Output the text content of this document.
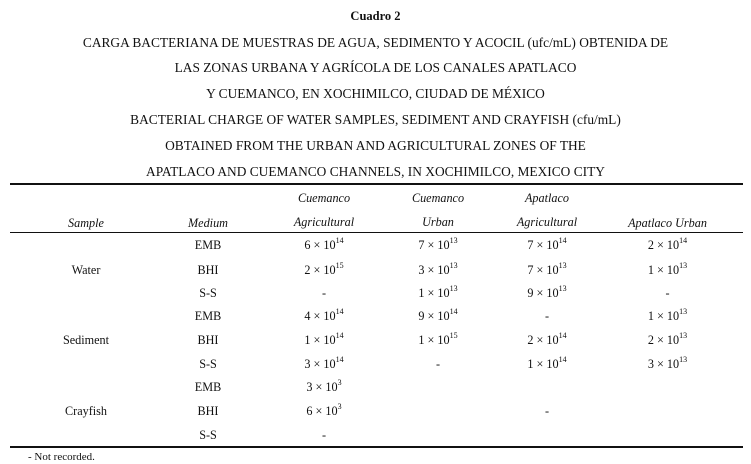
Cuadro 2
CARGA BACTERIANA DE MUESTRAS DE AGUA, SEDIMENTO Y ACOCIL (ufc/mL) OBTENIDA DE
LAS ZONAS URBANA Y AGRÍCOLA DE LOS CANALES APATLACO
Y CUEMANCO, EN XOCHIMILCO, CIUDAD DE MÉXICO
BACTERIAL CHARGE OF WATER SAMPLES, SEDIMENT AND CRAYFISH (cfu/mL)
OBTAINED FROM THE URBAN AND AGRICULTURAL ZONES OF THE
APATLACO AND CUEMANCO CHANNELS, IN XOCHIMILCO, MEXICO CITY
Sample	Medium
Cuemanco
Agricultural
Cuemanco
Urban
Apatlaco
Agricultural	Apatlaco Urban
Water
Sediment
Crayfish
EMB
BHI
S-S
EMB
BHI
S-S
EMB
BHI
S-S
$6 \times 10^{14}$
$2 \times 10^{15}$
-
$4 \times 10^{14}$
$1 \times 10^{14}$
$3 \times 10^{14}$
$3 \times 10^3$
$6 \times 10^3$
-
$7 \times 10^{13}$
$3 \times 10^{13}$
$1 \times 10^{13}$
$9 \times 10^{14}$
$1 \times 10^{15}$
-
$7 \times 10^{14}$
$7 \times 10^{13}$
$9 \times 10^{13}$
-
$2 \times 10^{14}$
$1 \times 10^{14}$
-
$2 \times 10^{14}$
$1 \times 10^{13}$
-
$1 \times 10^{13}$
$2 \times 10^{13}$
$3 \times 10^{13}$
- Not recorded.
